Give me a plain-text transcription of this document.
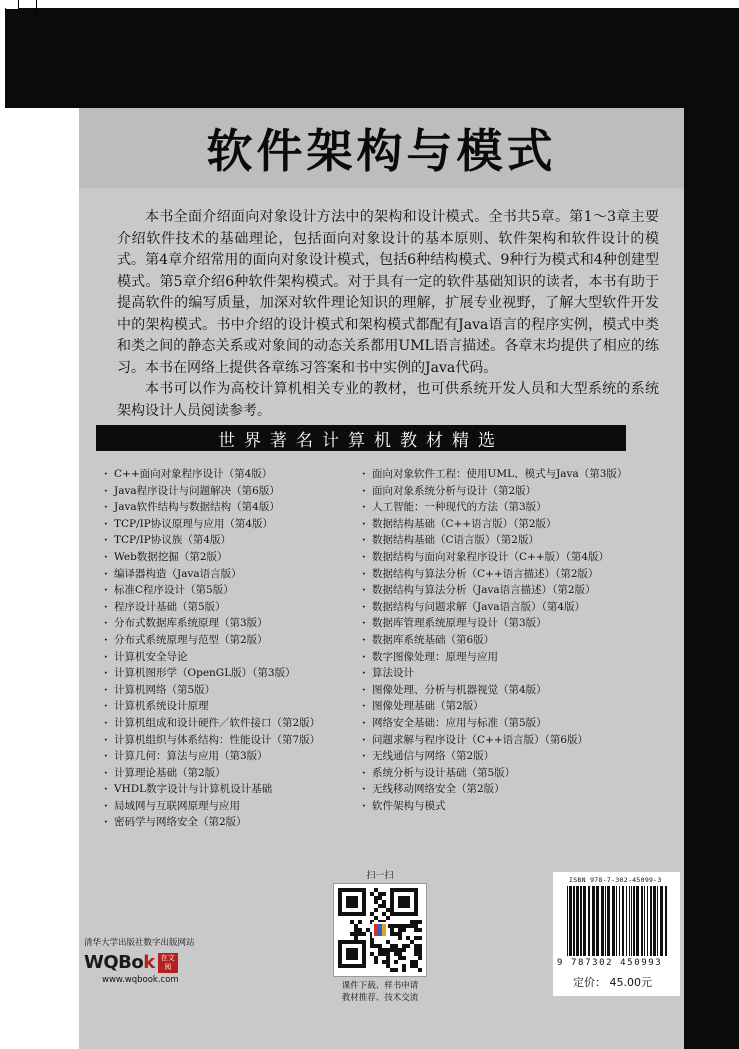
软件架构与模式

本书全面介绍面向对象设计方法中的架构和设计模式。全书共5章。第1～3章主要介绍软件技术的基础理论，包括面向对象设计的基本原则、软件架构和软件设计的模式。第4章介绍常用的面向对象设计模式，包括6种结构模式、9种行为模式和4种创建型模式。第5章介绍6种软件架构模式。对于具有一定的软件基础知识的读者，本书有助于提高软件的编写质量，加深对软件理论知识的理解，扩展专业视野，了解大型软件开发中的架构模式。书中介绍的设计模式和架构模式都配有Java语言的程序实例，模式中类和类之间的静态关系或对象间的动态关系都用UML语言描述。各章末均提供了相应的练习。本书在网络上提供各章练习答案和书中实例的Java代码。

本书可以作为高校计算机相关专业的教材，也可供系统开发人员和大型系统的系统架构设计人员阅读参考。

世界著名计算机教材精选
· C++面向对象程序设计（第4版）
· Java程序设计与问题解决（第6版）
· Java软件结构与数据结构（第4版）
· TCP/IP协议原理与应用（第4版）
· TCP/IP协议族（第4版）
· Web数据挖掘（第2版）
· 编译器构造（Java语言版）
· 标准C程序设计（第5版）
· 程序设计基础（第5版）
· 分布式数据库系统原理（第3版）
· 分布式系统原理与范型（第2版）
· 计算机安全导论
· 计算机图形学（OpenGL版）（第3版）
· 计算机网络（第5版）
· 计算机系统设计原理
· 计算机组成和设计硬件／软件接口（第2版）
· 计算机组织与体系结构：性能设计（第7版）
· 计算几何：算法与应用（第3版）
· 计算理论基础（第2版）
· VHDL数字设计与计算机设计基础
· 局域网与互联网原理与应用
· 密码学与网络安全（第2版）
· 面向对象软件工程：使用UML、模式与Java（第3版）
· 面向对象系统分析与设计（第2版）
· 人工智能：一种现代的方法（第3版）
· 数据结构基础（C++语言版）（第2版）
· 数据结构基础（C语言版）（第2版）
· 数据结构与面向对象程序设计（C++版）（第4版）
· 数据结构与算法分析（C++语言描述）（第2版）
· 数据结构与算法分析（Java语言描述）（第2版）
· 数据结构与问题求解（Java语言版）（第4版）
· 数据库管理系统原理与设计（第3版）
· 数据库系统基础（第6版）
· 数字图像处理：原理与应用
· 算法设计
· 图像处理、分析与机器视觉（第4版）
· 图像处理基础（第2版）
· 网络安全基础：应用与标准（第5版）
· 问题求解与程序设计（C++语言版）（第6版）
· 无线通信与网络（第2版）
· 系统分析与设计基础（第5版）
· 无线移动网络安全（第2版）
· 软件架构与模式
扫一扫
课件下载、样书申请
教材推荐、技术交流
清华大学出版社数字出版网站
WQBok 在文阅
www.wqbook.com
ISBN 978-7-302-45099-3
9 787302 450993
定价： 45.00元
